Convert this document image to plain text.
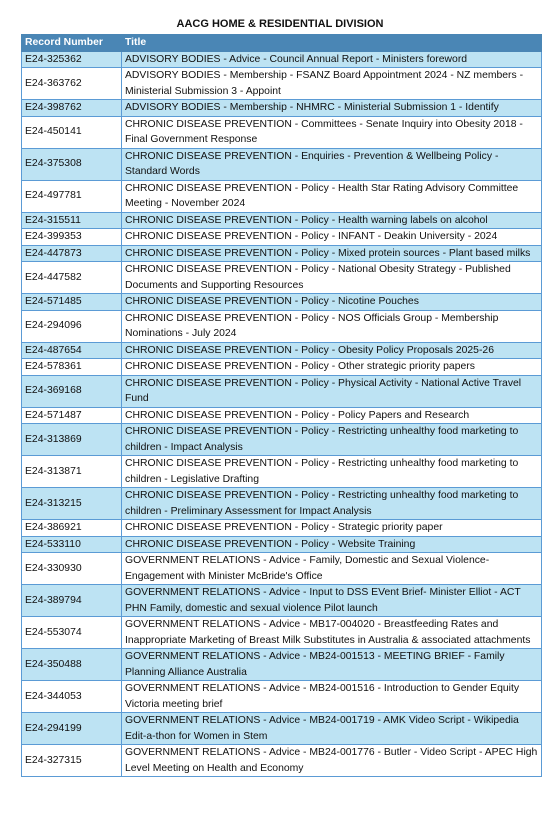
AACG HOME & RESIDENTIAL DIVISION
Record Number	Title
E24-325362	ADVISORY BODIES - Advice - Council Annual Report - Ministers foreword
E24-363762	ADVISORY BODIES - Membership - FSANZ Board Appointment 2024 - NZ members - Ministerial Submission 3 - Appoint
E24-398762	ADVISORY BODIES - Membership - NHMRC - Ministerial Submission 1 - Identify
E24-450141	CHRONIC DISEASE PREVENTION - Committees - Senate Inquiry into Obesity 2018 - Final Government Response
E24-375308	CHRONIC DISEASE PREVENTION - Enquiries - Prevention & Wellbeing Policy - Standard Words
E24-497781	CHRONIC DISEASE PREVENTION - Policy - Health Star Rating Advisory Committee Meeting - November 2024
E24-315511	CHRONIC DISEASE PREVENTION - Policy - Health warning labels on alcohol
E24-399353	CHRONIC DISEASE PREVENTION - Policy - INFANT - Deakin University - 2024
E24-447873	CHRONIC DISEASE PREVENTION - Policy - Mixed protein sources - Plant based milks
E24-447582	CHRONIC DISEASE PREVENTION - Policy - National Obesity Strategy - Published Documents and Supporting Resources
E24-571485	CHRONIC DISEASE PREVENTION - Policy - Nicotine Pouches
E24-294096	CHRONIC DISEASE PREVENTION - Policy - NOS Officials Group - Membership Nominations - July 2024
E24-487654	CHRONIC DISEASE PREVENTION - Policy - Obesity Policy Proposals 2025-26
E24-578361	CHRONIC DISEASE PREVENTION - Policy - Other strategic priority papers
E24-369168	CHRONIC DISEASE PREVENTION - Policy - Physical Activity - National Active Travel Fund
E24-571487	CHRONIC DISEASE PREVENTION - Policy - Policy Papers and Research
E24-313869	CHRONIC DISEASE PREVENTION - Policy - Restricting unhealthy food marketing to children - Impact Analysis
E24-313871	CHRONIC DISEASE PREVENTION - Policy - Restricting unhealthy food marketing to children - Legislative Drafting
E24-313215	CHRONIC DISEASE PREVENTION - Policy - Restricting unhealthy food marketing to children - Preliminary Assessment for Impact Analysis
E24-386921	CHRONIC DISEASE PREVENTION - Policy - Strategic priority paper
E24-533110	CHRONIC DISEASE PREVENTION - Policy - Website Training
E24-330930	GOVERNMENT RELATIONS - Advice - Family, Domestic and Sexual Violence- Engagement with Minister McBride's Office
E24-389794	GOVERNMENT RELATIONS - Advice - Input to DSS EVent Brief- Minister Elliot - ACT PHN Family, domestic and sexual violence Pilot launch
E24-553074	GOVERNMENT RELATIONS - Advice - MB17-004020 - Breastfeeding Rates and Inappropriate Marketing of Breast Milk Substitutes in Australia & associated attachments
E24-350488	GOVERNMENT RELATIONS - Advice - MB24-001513 - MEETING BRIEF - Family Planning Alliance Australia
E24-344053	GOVERNMENT RELATIONS - Advice - MB24-001516 - Introduction to Gender Equity Victoria meeting brief
E24-294199	GOVERNMENT RELATIONS - Advice - MB24-001719 - AMK Video Script - Wikipedia Edit-a-thon for Women in Stem
E24-327315	GOVERNMENT RELATIONS - Advice - MB24-001776 - Butler - Video Script - APEC High Level Meeting on Health and Economy
